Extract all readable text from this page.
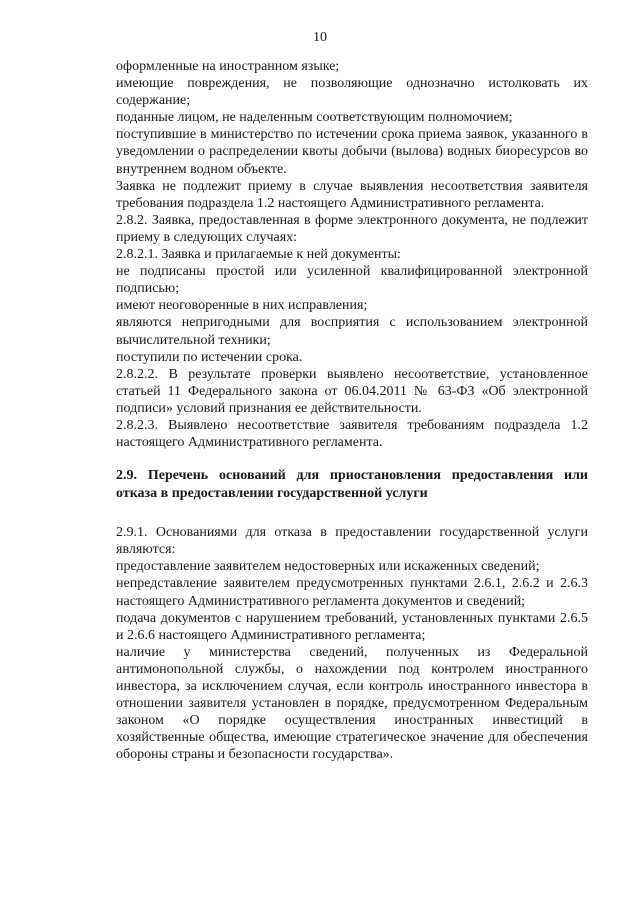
10

оформленные на иностранном языке;

имеющие повреждения, не позволяющие однозначно истолковать их содержание;

поданные лицом, не наделенным соответствующим полномочием;

поступившие в министерство по истечении срока приема заявок, указанного в уведомлении о распределении квоты добычи (вылова) водных биоресурсов во внутреннем водном объекте.

Заявка не подлежит приему в случае выявления несоответствия заявителя требования подраздела 1.2 настоящего Административного регламента.

2.8.2. Заявка, предоставленная в форме электронного документа, не подлежит приему в следующих случаях:

2.8.2.1. Заявка и прилагаемые к ней документы:

не подписаны простой или усиленной квалифицированной электронной подписью;

имеют неоговоренные в них исправления;

являются непригодными для восприятия с использованием электронной вычислительной техники;

поступили по истечении срока.

2.8.2.2. В результате проверки выявлено несоответствие, установленное статьей 11 Федерального закона от 06.04.2011 № 63-ФЗ «Об электронной подписи» условий признания ее действительности.

2.8.2.3. Выявлено несоответствие заявителя требованиям подраздела 1.2 настоящего Административного регламента.

2.9. Перечень оснований для приостановления предоставления или отказа в предоставлении государственной услуги

2.9.1. Основаниями для отказа в предоставлении государственной услуги являются:

предоставление заявителем недостоверных или искаженных сведений;

непредставление заявителем предусмотренных пунктами 2.6.1, 2.6.2 и 2.6.3 настоящего Административного регламента документов и сведений;

подача документов с нарушением требований, установленных пунктами 2.6.5 и 2.6.6 настоящего Административного регламента;

наличие у министерства сведений, полученных из Федеральной антимонопольной службы, о нахождении под контролем иностранного инвестора, за исключением случая, если контроль иностранного инвестора в отношении заявителя установлен в порядке, предусмотренном Федеральным законом «О порядке осуществления иностранных инвестиций в хозяйственные общества, имеющие стратегическое значение для обеспечения обороны страны и безопасности государства».
